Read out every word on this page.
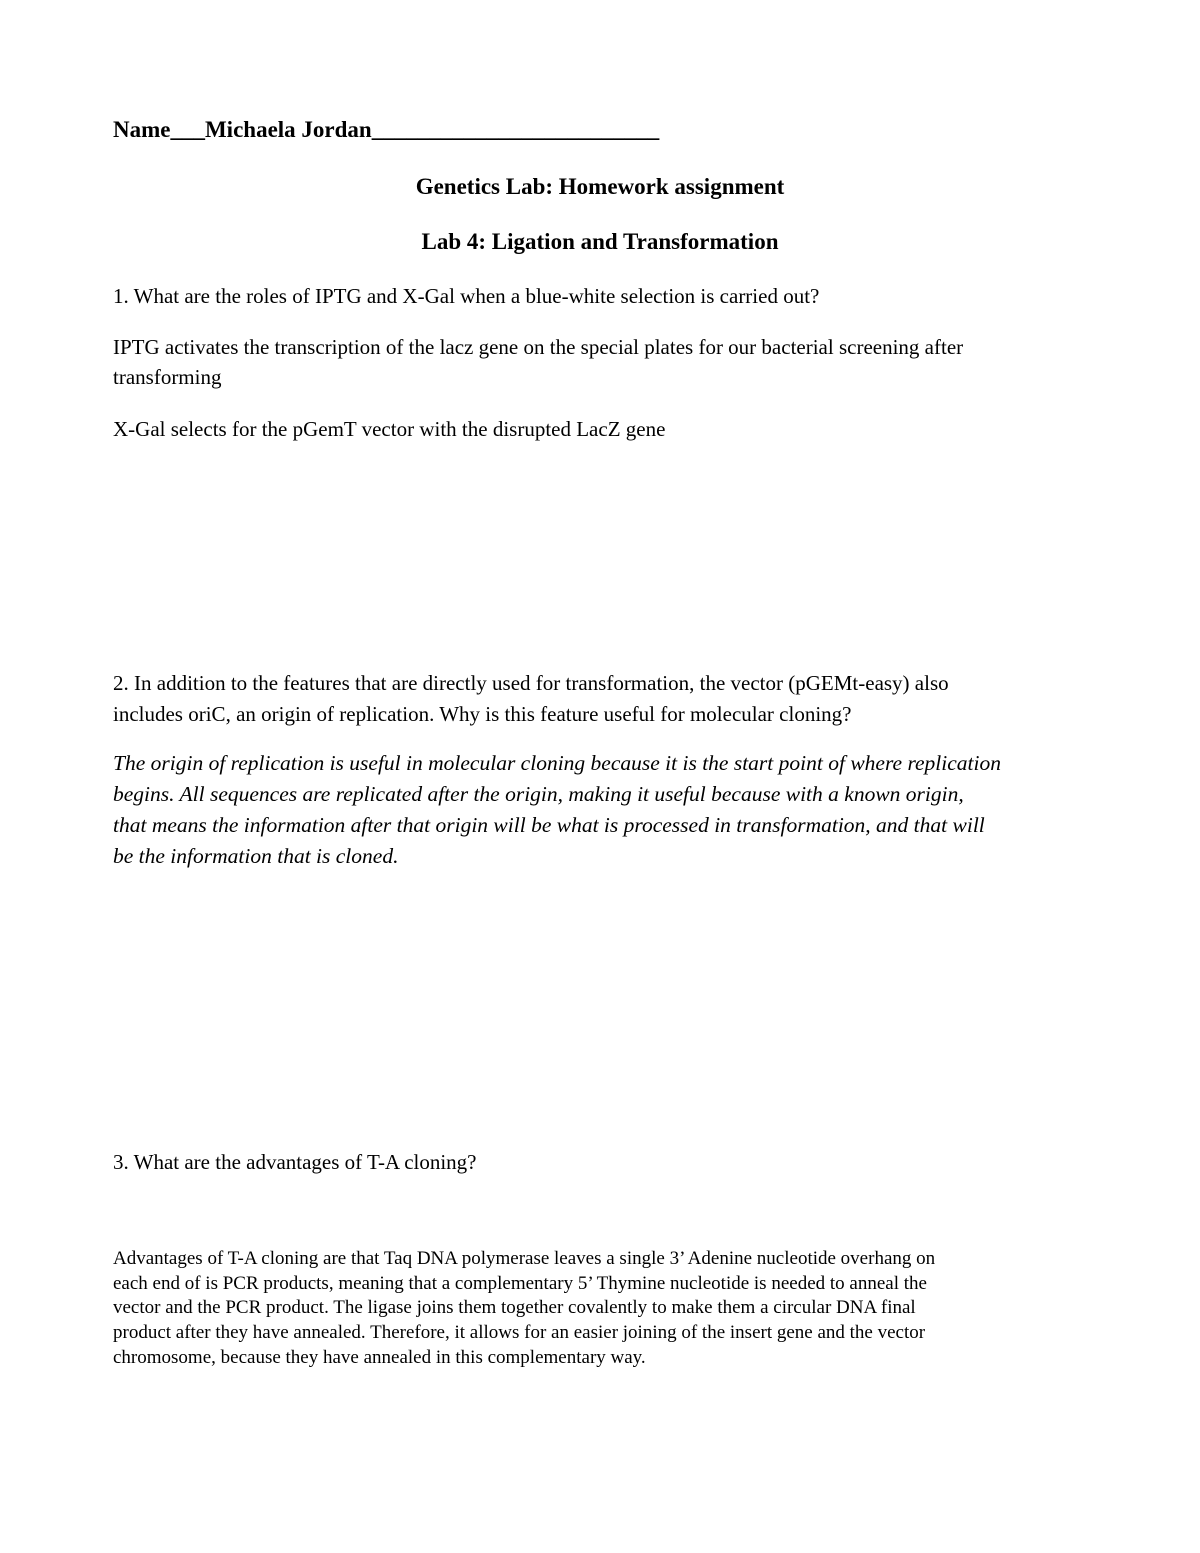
Name___Michaela Jordan_________________________

Genetics Lab: Homework assignment
Lab 4: Ligation and Transformation

1. What are the roles of IPTG and X-Gal when a blue-white selection is carried out?

IPTG activates the transcription of the lacz gene on the special plates for our bacterial screening after

transforming

X-Gal selects for the pGemT vector with the disrupted LacZ gene

2. In addition to the features that are directly used for transformation, the vector (pGEMt-easy) also

includes oriC, an origin of replication. Why is this feature useful for molecular cloning?

The origin of replication is useful in molecular cloning because it is the start point of where replication

begins. All sequences are replicated after the origin, making it useful because with a known origin,

that means the information after that origin will be what is processed in transformation, and that will

be the information that is cloned.

3. What are the advantages of T-A cloning?

Advantages of T-A cloning are that Taq DNA polymerase leaves a single 3’ Adenine nucleotide overhang on

each end of is PCR products, meaning that a complementary 5’ Thymine nucleotide is needed to anneal the

vector and the PCR product. The ligase joins them together covalently to make them a circular DNA final

product after they have annealed. Therefore, it allows for an easier joining of the insert gene and the vector

chromosome, because they have annealed in this complementary way.
